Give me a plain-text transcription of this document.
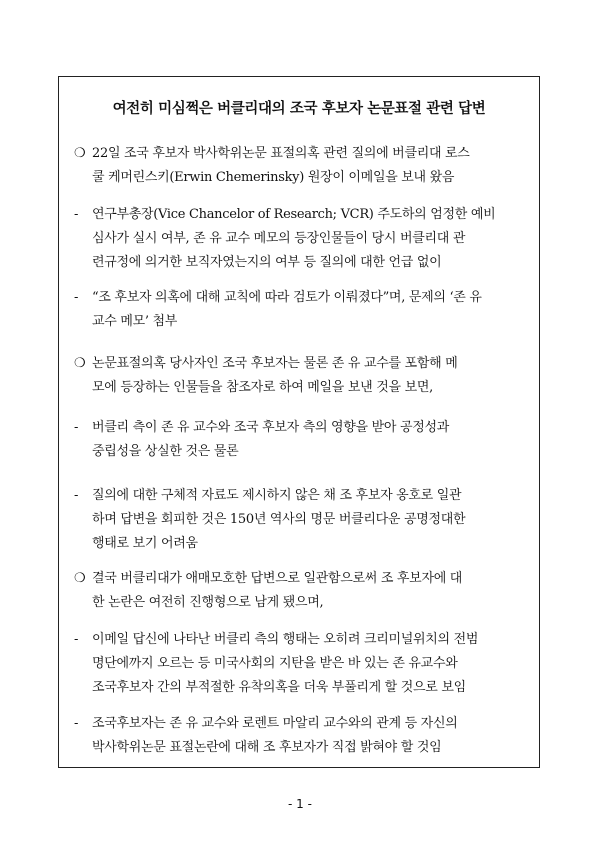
여전히 미심쩍은 버클리대의 조국 후보자 논문표절 관련 답변
❍ 22일 조국 후보자 박사학위논문 표절의혹 관련 질의에 버클리대 로스
쿨 케머린스키(Erwin Chemerinsky) 원장이 이메일을 보내 왔음
- 연구부총장(Vice Chancelor of Research; VCR) 주도하의 엄정한 예비
심사가 실시 여부, 존 유 교수 메모의 등장인물들이 당시 버클리대 관
련규정에 의거한 보직자였는지의 여부 등 질의에 대한 언급 없이
- “조 후보자 의혹에 대해 교칙에 따라 검토가 이뤄졌다”며, 문제의 ‘존 유
교수 메모’ 첨부
❍ 논문표절의혹 당사자인 조국 후보자는 물론 존 유 교수를 포함해 메
모에 등장하는 인물들을 참조자로 하여 메일을 보낸 것을 보면,
- 버클리 측이 존 유 교수와 조국 후보자 측의 영향을 받아 공정성과
중립성을 상실한 것은 물론
- 질의에 대한 구체적 자료도 제시하지 않은 채 조 후보자 옹호로 일관
하며 답변을 회피한 것은 150년 역사의 명문 버클리다운 공명정대한
행태로 보기 어려움
❍ 결국 버클리대가 애매모호한 답변으로 일관함으로써 조 후보자에 대
한 논란은 여전히 진행형으로 남게 됐으며,
- 이메일 답신에 나타난 버클리 측의 행태는 오히려 크리미널위치의 전범
명단에까지 오르는 등 미국사회의 지탄을 받은 바 있는 존 유교수와
조국후보자 간의 부적절한 유착의혹을 더욱 부풀리게 할 것으로 보임
- 조국후보자는 존 유 교수와 로렌트 마알리 교수와의 관계 등 자신의
박사학위논문 표절논란에 대해 조 후보자가 직접 밝혀야 할 것임
- 1 -
